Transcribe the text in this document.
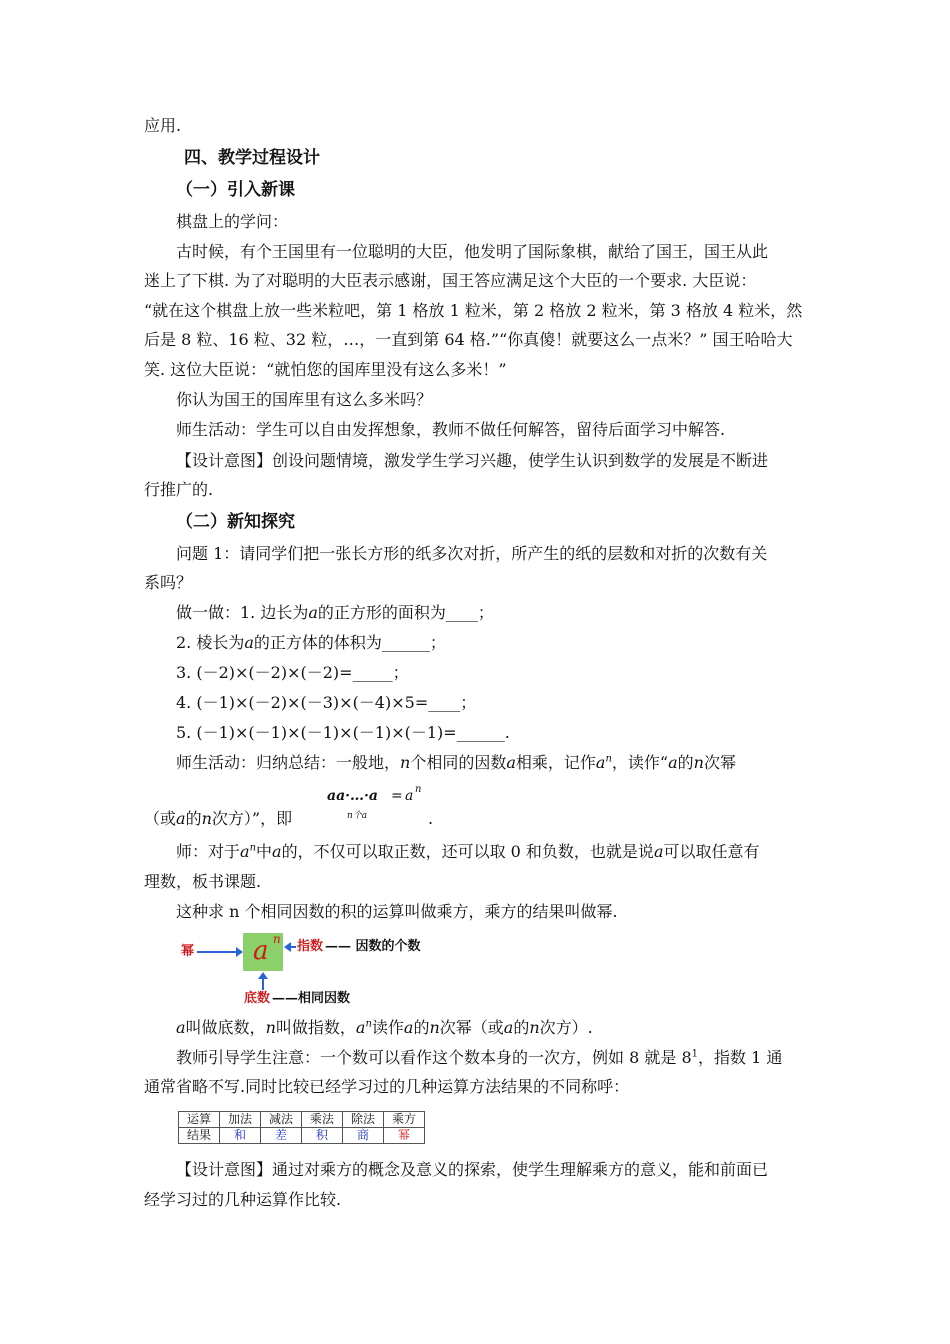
应用.
四、教学过程设计
（一）引入新课
棋盘上的学问：
古时候，有个王国里有一位聪明的大臣，他发明了国际象棋，献给了国王，国王从此
迷上了下棋. 为了对聪明的大臣表示感谢，国王答应满足这个大臣的一个要求. 大臣说：
“就在这个棋盘上放一些米粒吧，第 1 格放 1 粒米，第 2 格放 2 粒米，第 3 格放 4 粒米，然
后是 8 粒、16 粒、32 粒，…，一直到第 64 格.”“你真傻！就要这么一点米？” 国王哈哈大
笑. 这位大臣说：“就怕您的国库里没有这么多米！”
你认为国王的国库里有这么多米吗？
师生活动：学生可以自由发挥想象，教师不做任何解答，留待后面学习中解答.
【设计意图】创设问题情境，激发学生学习兴趣，使学生认识到数学的发展是不断进
行推广的.
（二）新知探究
问题 1：请同学们把一张长方形的纸多次对折，所产生的纸的层数和对折的次数有关
系吗？
做一做：1. 边长为a的正方形的面积为____；
2. 棱长为a的正方体的体积为______；
3. (－2)×(－2)×(－2)=_____；
4. (－1)×(－2)×(－3)×(－4)×5=____；
5. (－1)×(－1)×(－1)×(－1)×(－1)=______.
师生活动：归纳总结：一般地，n个相同的因数a相乘，记作$a^n$，读作“a的n次幂
（或a的n次方）”，即	.
aa·…·a = a n
n个a
师：对于$a^n$中a的，不仅可以取正数，还可以取 0 和负数，也就是说a可以取任意有
理数，板书课题.
这种求 n 个相同因数的积的运算叫做乘方，乘方的结果叫做幂.
幂 a n 指数 —— 因数的个数
底数 ——相同因数
a叫做底数，n叫做指数，$a^n$读作a的n次幂（或a的n次方）.
教师引导学生注意：一个数可以看作这个数本身的一次方，例如 8 就是 $8^1$，指数 1 通
通常省略不写.同时比较已经学习过的几种运算方法结果的不同称呼：
运算	加法	减法	乘法	除法	乘方
结果	和	差	积	商	幂
【设计意图】通过对乘方的概念及意义的探索，使学生理解乘方的意义，能和前面已
经学习过的几种运算作比较.
